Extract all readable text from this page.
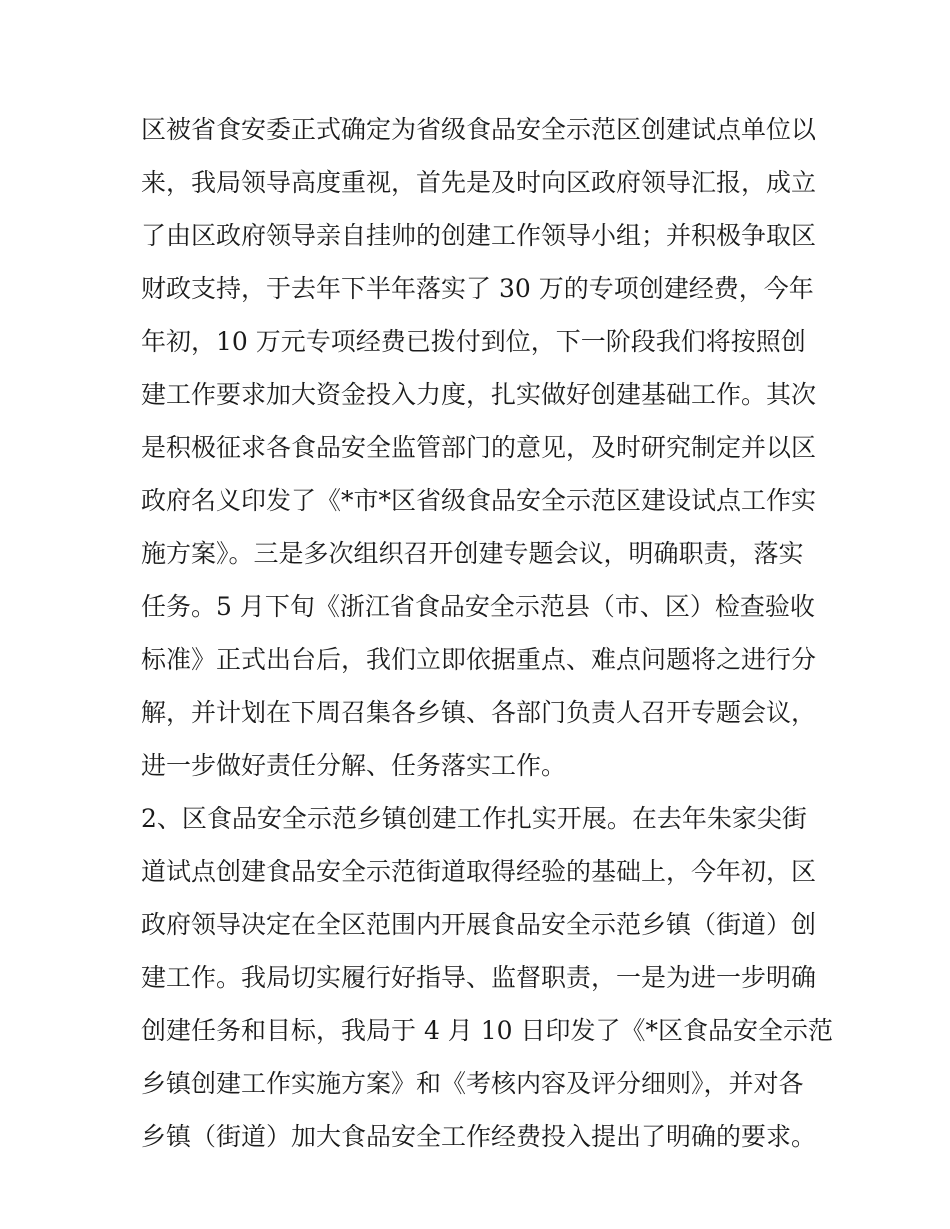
区被省食安委正式确定为省级食品安全示范区创建试点单位以
来，我局领导高度重视，首先是及时向区政府领导汇报，成立
了由区政府领导亲自挂帅的创建工作领导小组；并积极争取区
财政支持，于去年下半年落实了 30 万的专项创建经费，今年
年初，10 万元专项经费已拨付到位，下一阶段我们将按照创
建工作要求加大资金投入力度，扎实做好创建基础工作。其次
是积极征求各食品安全监管部门的意见，及时研究制定并以区
政府名义印发了《*市*区省级食品安全示范区建设试点工作实
施方案》。三是多次组织召开创建专题会议，明确职责，落实
任务。5 月下旬《浙江省食品安全示范县（市、区）检查验收
标准》正式出台后，我们立即依据重点、难点问题将之进行分
解，并计划在下周召集各乡镇、各部门负责人召开专题会议，
进一步做好责任分解、任务落实工作。
2、区食品安全示范乡镇创建工作扎实开展。在去年朱家尖街
道试点创建食品安全示范街道取得经验的基础上，今年初，区
政府领导决定在全区范围内开展食品安全示范乡镇（街道）创
建工作。我局切实履行好指导、监督职责，一是为进一步明确
创建任务和目标，我局于 4 月 10 日印发了《*区食品安全示范
乡镇创建工作实施方案》和《考核内容及评分细则》，并对各
乡镇（街道）加大食品安全工作经费投入提出了明确的要求。
